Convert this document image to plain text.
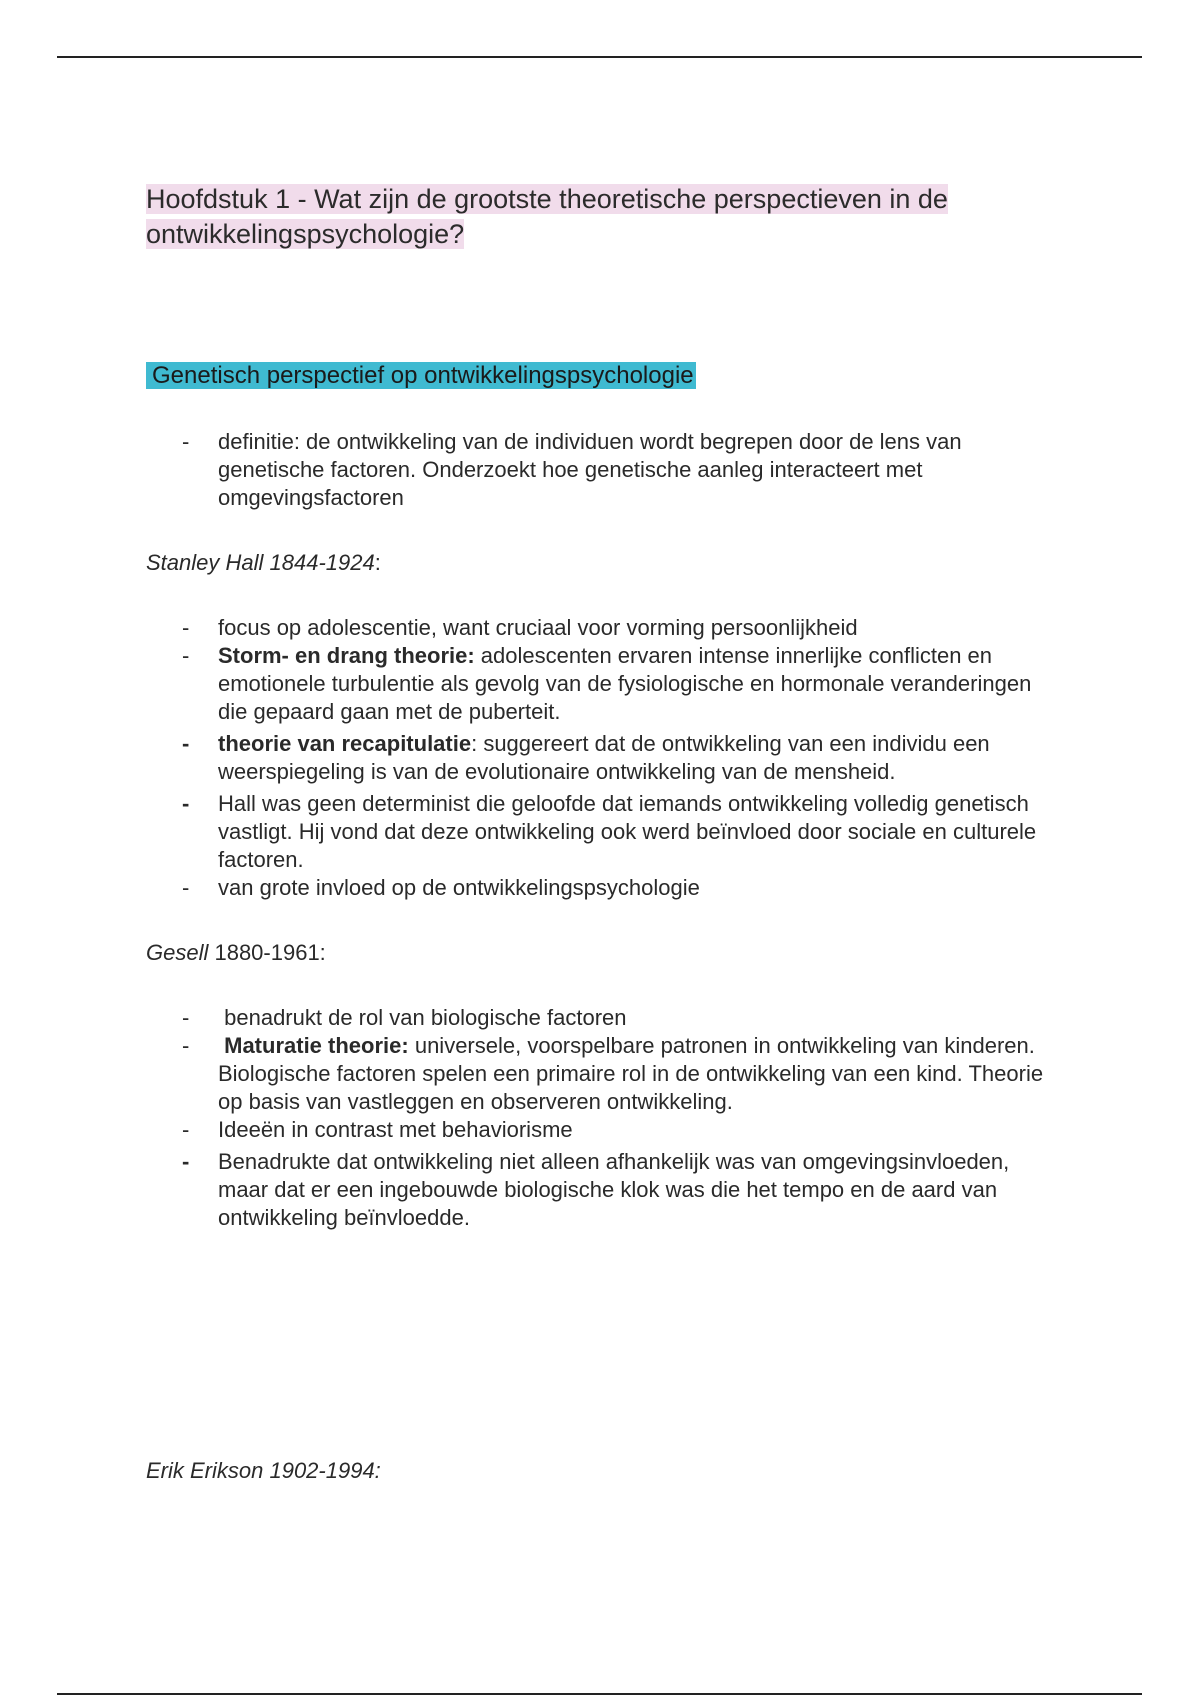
Hoofdstuk 1 - Wat zijn de grootste theoretische perspectieven in de ontwikkelingspsychologie?
Genetisch perspectief op ontwikkelingspsychologie
- definitie: de ontwikkeling van de individuen wordt begrepen door de lens van genetische factoren. Onderzoekt hoe genetische aanleg interacteert met omgevingsfactoren

Stanley Hall 1844-1924:

- focus op adolescentie, want cruciaal voor vorming persoonlijkheid
- Storm- en drang theorie: adolescenten ervaren intense innerlijke conflicten en emotionele turbulentie als gevolg van de fysiologische en hormonale veranderingen die gepaard gaan met de puberteit.
- theorie van recapitulatie: suggereert dat de ontwikkeling van een individu een weerspiegeling is van de evolutionaire ontwikkeling van de mensheid.
- Hall was geen determinist die geloofde dat iemands ontwikkeling volledig genetisch vastligt. Hij vond dat deze ontwikkeling ook werd beïnvloed door sociale en culturele factoren.
- van grote invloed op de ontwikkelingspsychologie

Gesell 1880-1961:

- benadrukt de rol van biologische factoren
- Maturatie theorie: universele, voorspelbare patronen in ontwikkeling van kinderen. Biologische factoren spelen een primaire rol in de ontwikkeling van een kind. Theorie op basis van vastleggen en observeren ontwikkeling.
- Ideeën in contrast met behaviorisme
- Benadrukte dat ontwikkeling niet alleen afhankelijk was van omgevingsinvloeden, maar dat er een ingebouwde biologische klok was die het tempo en de aard van ontwikkeling beïnvloedde.

Erik Erikson 1902-1994:
